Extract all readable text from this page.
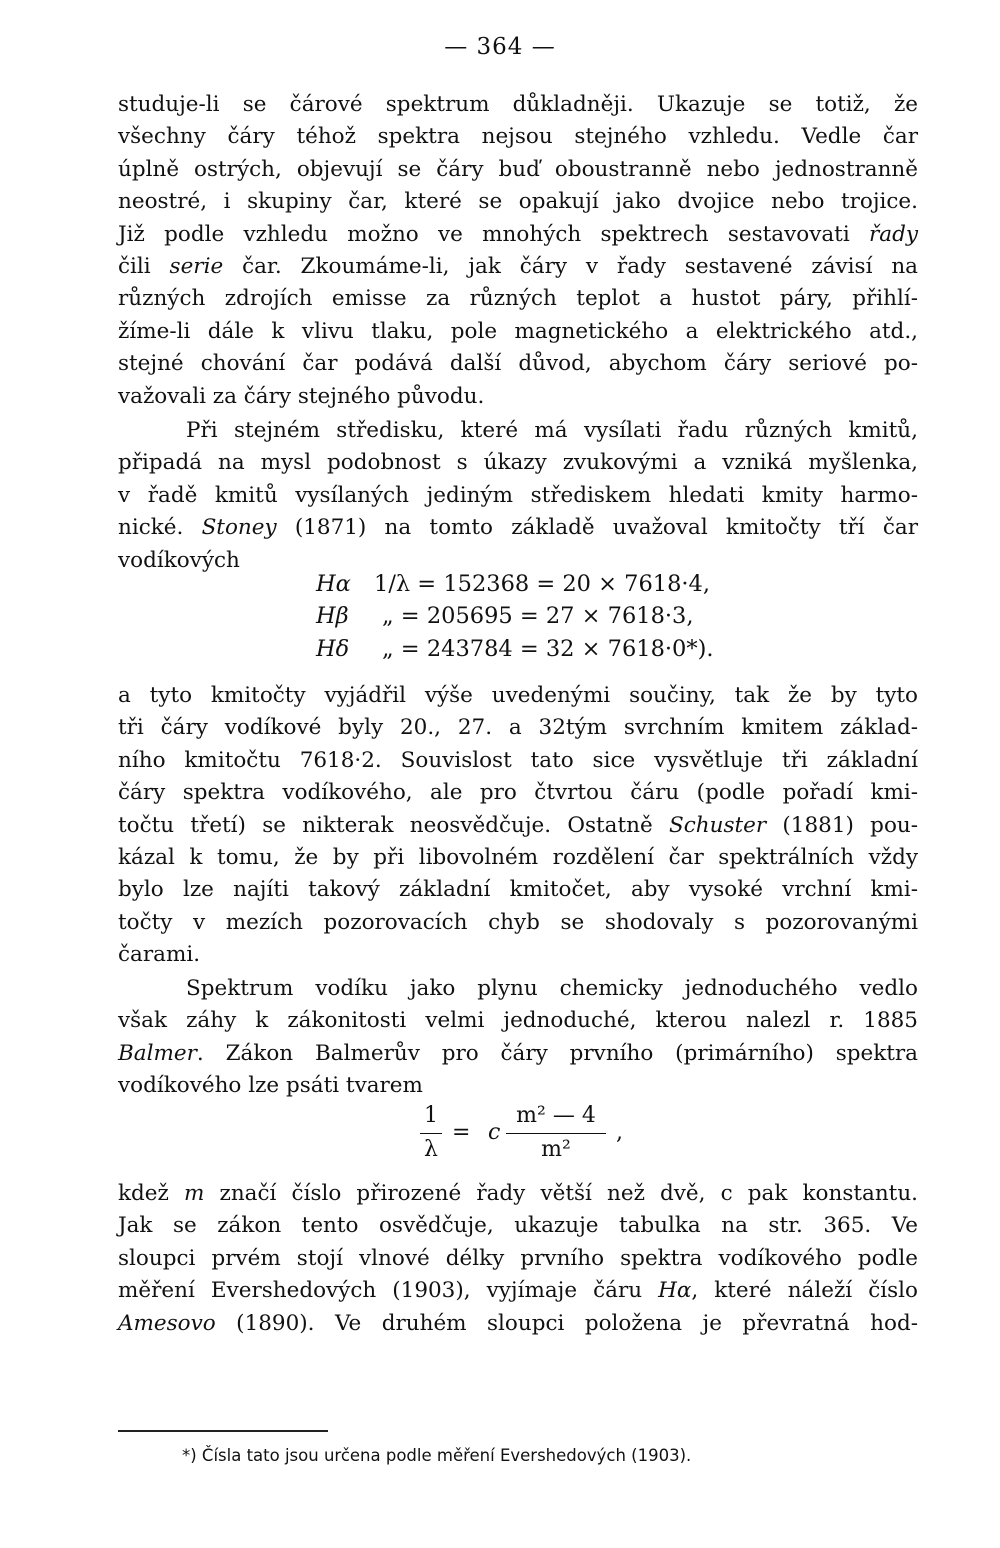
— 364 —
studuje-li se čárové spektrum důkladněji. Ukazuje se totiž, že
všechny čáry téhož spektra nejsou stejného vzhledu. Vedle čar
úplně ostrých, objevují se čáry buď oboustranně nebo jednostranně
neostré, i skupiny čar, které se opakují jako dvojice nebo trojice.
Již podle vzhledu možno ve mnohých spektrech sestavovati řady
čili serie čar. Zkoumáme-li, jak čáry v řady sestavené závisí na
různých zdrojích emisse za různých teplot a hustot páry, přihlí-
žíme-li dále k vlivu tlaku, pole magnetického a elektrického atd.,
stejné chování čar podává další důvod, abychom čáry seriové po-
važovali za čáry stejného původu.
Při stejném středisku, které má vysílati řadu různých kmitů,
připadá na mysl podobnost s úkazy zvukovými a vzniká myšlenka,
v řadě kmitů vysílaných jediným střediskem hledati kmity harmo-
nické. Stoney (1871) na tomto základě uvažoval kmitočty tří čar
vodíkových
Hα 1/λ = 152368 = 20 × 7618·4,
Hβ „ = 205695 = 27 × 7618·3,
Hδ „ = 243784 = 32 × 7618·0*).
a tyto kmitočty vyjádřil výše uvedenými součiny, tak že by tyto
tři čáry vodíkové byly 20., 27. a 32tým svrchním kmitem základ-
ního kmitočtu 7618·2. Souvislost tato sice vysvětluje tři základní
čáry spektra vodíkového, ale pro čtvrtou čáru (podle pořadí kmi-
točtu třetí) se nikterak neosvědčuje. Ostatně Schuster (1881) pou-
kázal k tomu, že by při libovolném rozdělení čar spektrálních vždy
bylo lze najíti takový základní kmitočet, aby vysoké vrchní kmi-
točty v mezích pozorovacích chyb se shodovaly s pozorovanými
čarami.
Spektrum vodíku jako plynu chemicky jednoduchého vedlo
však záhy k zákonitosti velmi jednoduché, kterou nalezl r. 1885
Balmer. Zákon Balmerův pro čáry prvního (primárního) spektra
vodíkového lze psáti tvarem
1
λ
= c
m² — 4
m²
,
kdež m značí číslo přirozené řady větší než dvě, c pak konstantu.
Jak se zákon tento osvědčuje, ukazuje tabulka na str. 365. Ve
sloupci prvém stojí vlnové délky prvního spektra vodíkového podle
měření Evershedových (1903), vyjímaje čáru Hα, které náleží číslo
Amesovo (1890). Ve druhém sloupci položena je převratná hod-
*) Čísla tato jsou určena podle měření Evershedových (1903).
